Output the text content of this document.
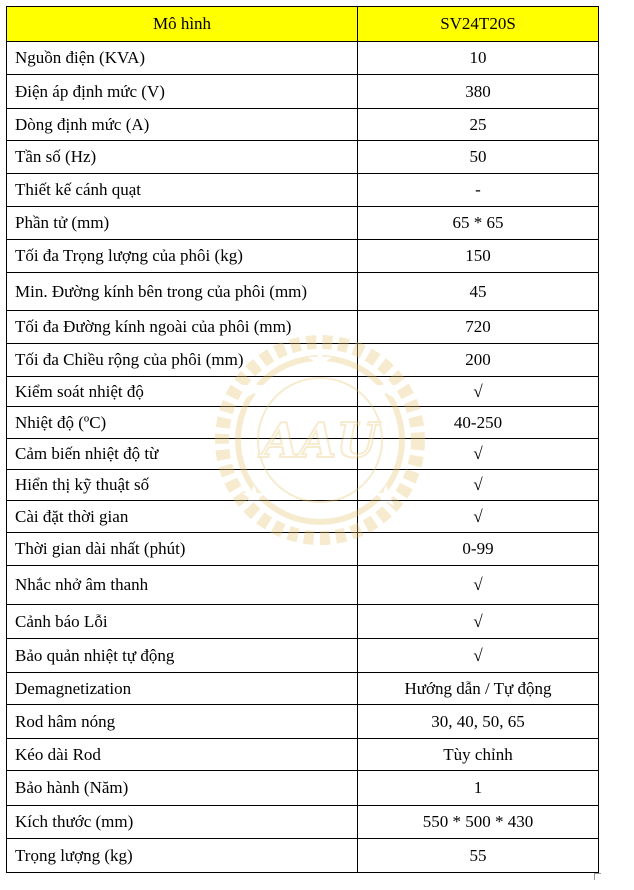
Mô hình	SV24T20S
Nguồn điện (KVA)	10
Điện áp định mức (V)	380
Dòng định mức (A)	25
Tần số (Hz)	50
Thiết kế cánh quạt	-
Phần tử (mm)	65 * 65
Tối đa Trọng lượng của phôi (kg)	150
Min. Đường kính bên trong của phôi (mm)	45
Tối đa Đường kính ngoài của phôi (mm)	720
Tối đa Chiều rộng của phôi (mm)	200
Kiểm soát nhiệt độ	√
Nhiệt độ (ºC)	40-250
Cảm biến nhiệt độ từ	√
Hiển thị kỹ thuật số	√
Cài đặt thời gian	√
Thời gian dài nhất (phút)	0-99
Nhắc nhở âm thanh	√
Cảnh báo Lỗi	√
Bảo quản nhiệt tự động	√
Demagnetization	Hướng dẫn / Tự động
Rod hâm nóng	30, 40, 50, 65
Kéo dài Rod	Tùy chỉnh
Bảo hành (Năm)	1
Kích thước (mm)	550 * 500 * 430
Trọng lượng (kg)	55
AAU
